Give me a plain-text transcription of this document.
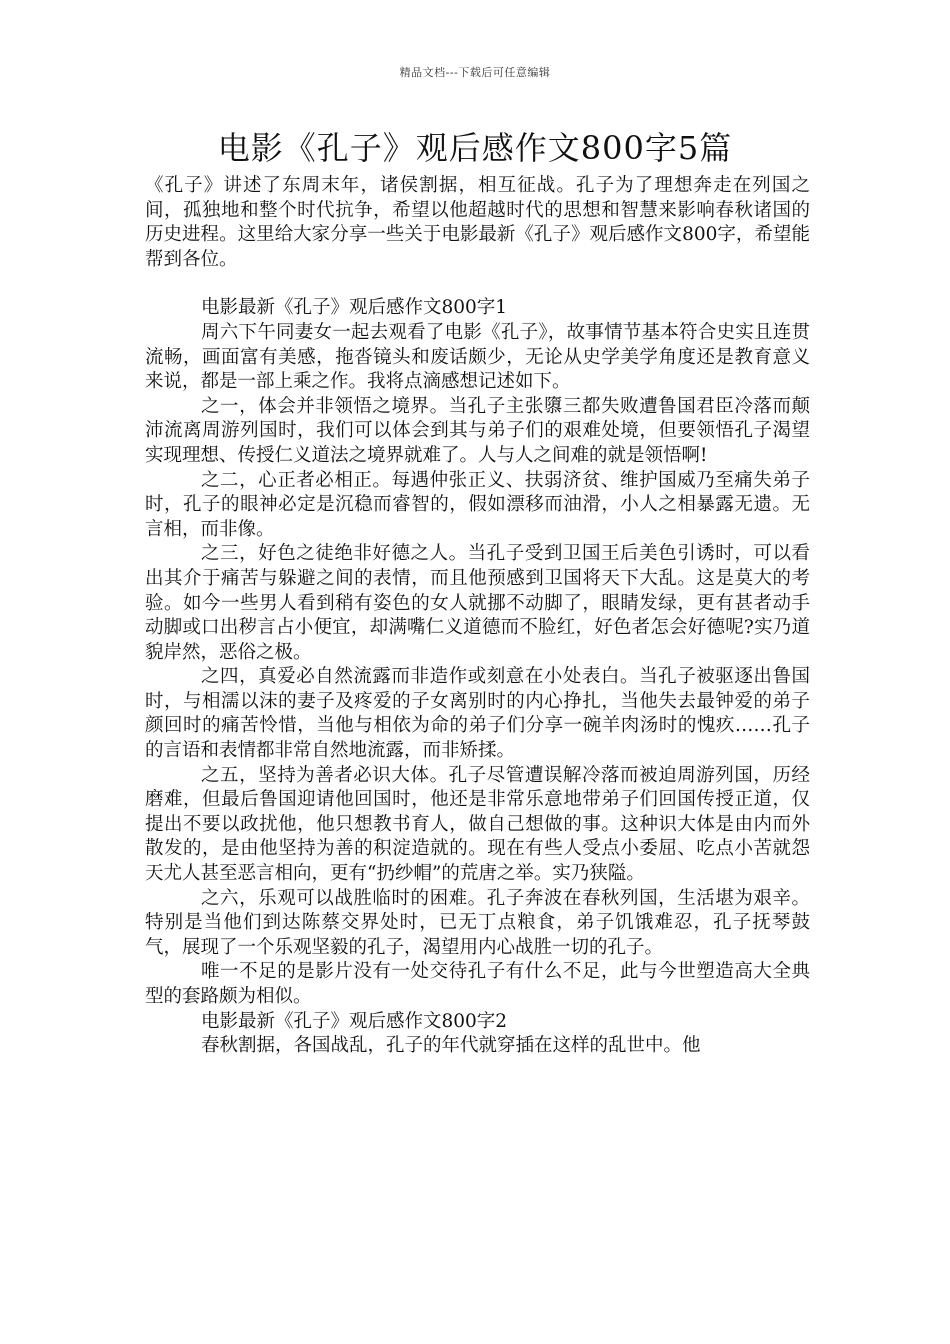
精品文档---下载后可任意编辑
电影《孔子》观后感作文800字5篇

《孔子》讲述了东周末年，诸侯割据，相互征战。孔子为了理想奔走在列国之间，孤独地和整个时代抗争，希望以他超越时代的思想和智慧来影响春秋诸国的历史进程。这里给大家分享一些关于电影最新《孔子》观后感作文800字，希望能帮到各位。

电影最新《孔子》观后感作文800字1

周六下午同妻女一起去观看了电影《孔子》，故事情节基本符合史实且连贯流畅，画面富有美感，拖沓镜头和废话颇少，无论从史学美学角度还是教育意义来说，都是一部上乘之作。我将点滴感想记述如下。

之一，体会并非领悟之境界。当孔子主张隳三都失败遭鲁国君臣冷落而颠沛流离周游列国时，我们可以体会到其与弟子们的艰难处境，但要领悟孔子渴望实现理想、传授仁义道法之境界就难了。人与人之间难的就是领悟啊!

之二，心正者必相正。每遇仲张正义、扶弱济贫、维护国威乃至痛失弟子时，孔子的眼神必定是沉稳而睿智的，假如漂移而油滑，小人之相暴露无遗。无言相，而非像。

之三，好色之徒绝非好德之人。当孔子受到卫国王后美色引诱时，可以看出其介于痛苦与躲避之间的表情，而且他预感到卫国将天下大乱。这是莫大的考验。如今一些男人看到稍有姿色的女人就挪不动脚了，眼睛发绿，更有甚者动手动脚或口出秽言占小便宜，却满嘴仁义道德而不脸红，好色者怎会好德呢?实乃道貌岸然，恶俗之极。

之四，真爱必自然流露而非造作或刻意在小处表白。当孔子被驱逐出鲁国时，与相濡以沫的妻子及疼爱的子女离别时的内心挣扎，当他失去最钟爱的弟子颜回时的痛苦怜惜，当他与相依为命的弟子们分享一碗羊肉汤时的愧疚……孔子的言语和表情都非常自然地流露，而非矫揉。

之五，坚持为善者必识大体。孔子尽管遭误解冷落而被迫周游列国，历经磨难，但最后鲁国迎请他回国时，他还是非常乐意地带弟子们回国传授正道，仅提出不要以政扰他，他只想教书育人，做自己想做的事。这种识大体是由内而外散发的，是由他坚持为善的积淀造就的。现在有些人受点小委屈、吃点小苦就怨天尤人甚至恶言相向，更有“扔纱帽”的荒唐之举。实乃狭隘。

之六，乐观可以战胜临时的困难。孔子奔波在春秋列国，生活堪为艰辛。特别是当他们到达陈蔡交界处时，已无丁点粮食，弟子饥饿难忍，孔子抚琴鼓气，展现了一个乐观坚毅的孔子，渴望用内心战胜一切的孔子。

唯一不足的是影片没有一处交待孔子有什么不足，此与今世塑造高大全典型的套路颇为相似。

电影最新《孔子》观后感作文800字2

春秋割据，各国战乱，孔子的年代就穿插在这样的乱世中。他
